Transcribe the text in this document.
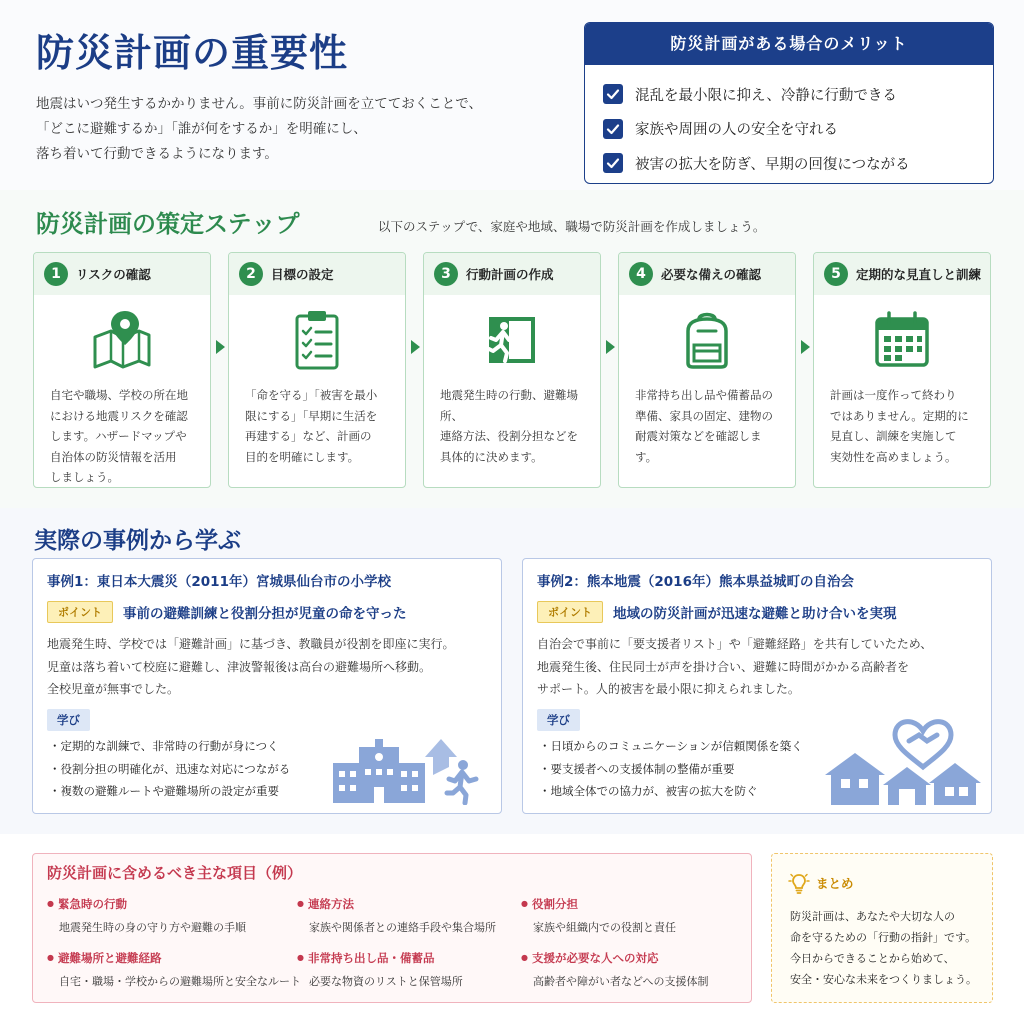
防災計画の重要性

地震はいつ発生するかかりません。事前に防災計画を立てておくことで、
「どこに避難するか」「誰が何をするか」を明確にし、
落ち着いて行動できるようになります。

防災計画がある場合のメリット
混乱を最小限に抑え、冷静に行動できる
家族や周囲の人の安全を守れる
被害の拡大を防ぎ、早期の回復につながる
防災計画の策定ステップ	以下のステップで、家庭や地域、職場で防災計画を作成しましょう。

1	リスクの確認
自宅や職場、学校の所在地
における地震リスクを確認
します。ハザードマップや
自治体の防災情報を活用
しましょう。
2	目標の設定
「命を守る」「被害を最小
限にする」「早期に生活を
再建する」など、計画の
目的を明確にします。
3	行動計画の作成
地震発生時の行動、避難場所、
連絡方法、役割分担などを
具体的に決めます。
4	必要な備えの確認
非常持ち出し品や備蓄品の
準備、家具の固定、建物の
耐震対策などを確認します。
5	定期的な見直しと訓練
計画は一度作って終わり
ではありません。定期的に
見直し、訓練を実施して
実効性を高めましょう。
実際の事例から学ぶ
事例1：東日本大震災（2011年）宮城県仙台市の小学校
ポイント	事前の避難訓練と役割分担が児童の命を守った
地震発生時、学校では「避難計画」に基づき、教職員が役割を即座に実行。
児童は落ち着いて校庭に避難し、津波警報後は高台の避難場所へ移動。
全校児童が無事でした。
学び
・ 定期的な訓練で、非常時の行動が身につく
・ 役割分担の明確化が、迅速な対応につながる
・ 複数の避難ルートや避難場所の設定が重要
事例2：熊本地震（2016年）熊本県益城町の自治会
ポイント	地域の防災計画が迅速な避難と助け合いを実現
自治会で事前に「要支援者リスト」や「避難経路」を共有していたため、
地震発生後、住民同士が声を掛け合い、避難に時間がかかる高齢者を
サポート。人的被害を最小限に抑えられました。
学び
・ 日頃からのコミュニケーションが信頼関係を築く
・ 要支援者への支援体制の整備が重要
・ 地域全体での協力が、被害の拡大を防ぐ
防災計画に含めるべき主な項目（例）
● 緊急時の行動
地震発生時の身の守り方や避難の手順
● 連絡方法
家族や関係者との連絡手段や集合場所
● 役割分担
家族や組織内での役割と責任
● 避難場所と避難経路
自宅・職場・学校からの避難場所と安全なルート
● 非常持ち出し品・備蓄品
必要な物資のリストと保管場所
● 支援が必要な人への対応
高齢者や障がい者などへの支援体制
まとめ
防災計画は、あなたや大切な人の
命を守るための「行動の指針」です。
今日からできることから始めて、
安全・安心な未来をつくりましょう。
